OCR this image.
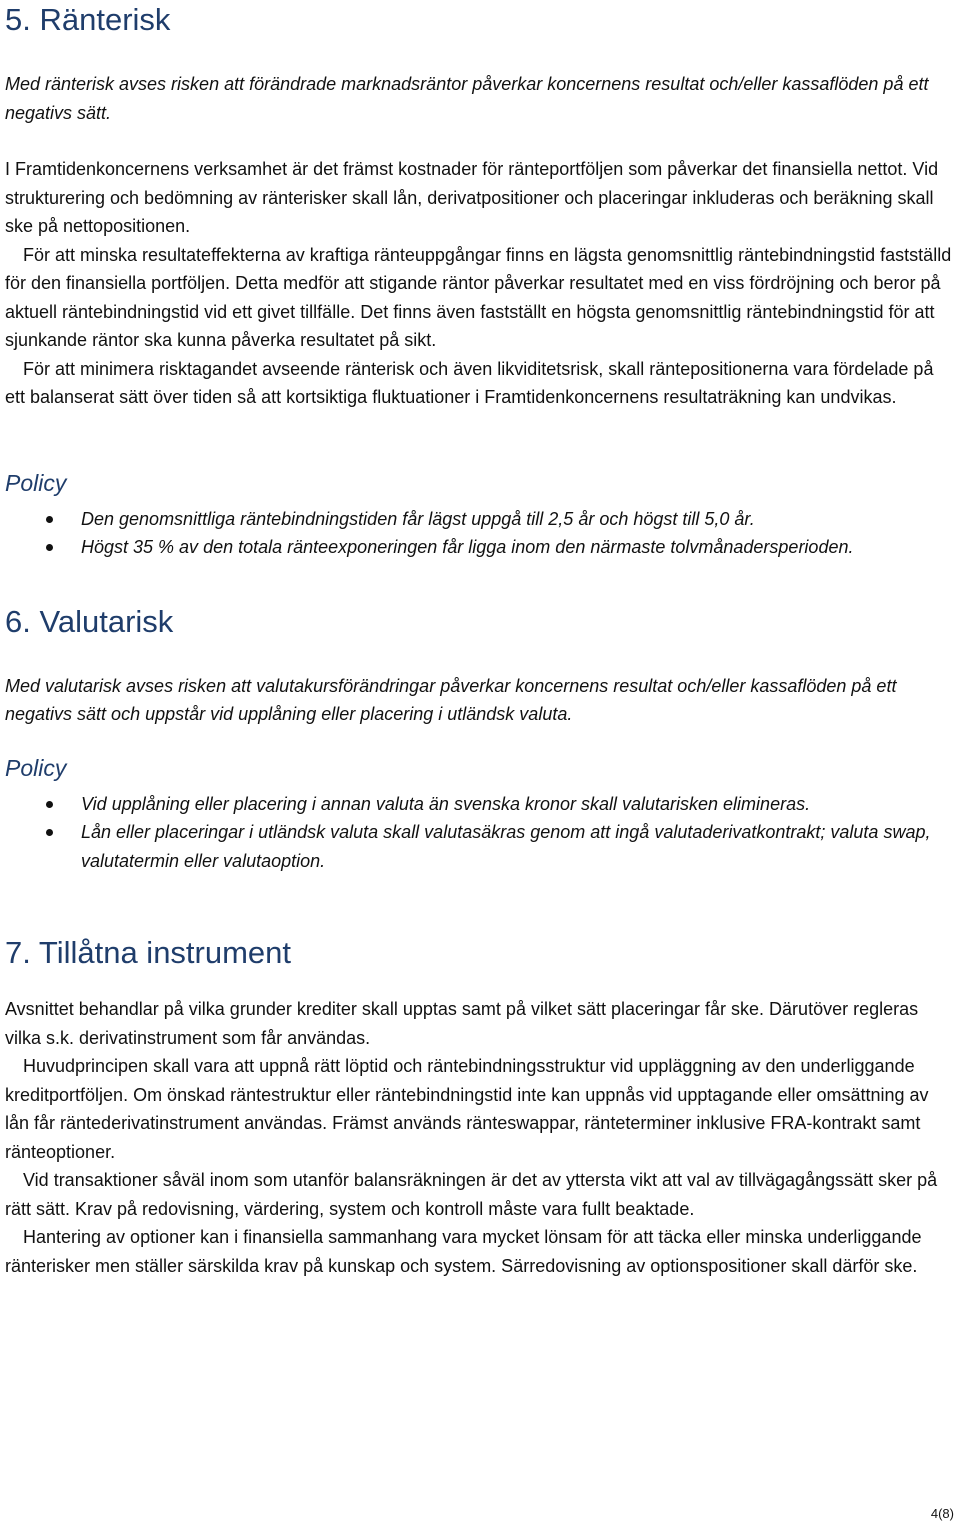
5. Ränterisk

Med ränterisk avses risken att förändrade marknadsräntor påverkar koncernens resultat och/eller kassaflöden på ett negativs sätt.

I Framtidenkoncernens verksamhet är det främst kostnader för ränteportföljen som påverkar det finansiella nettot. Vid strukturering och bedömning av ränterisker skall lån, derivatpositioner och placeringar inkluderas och beräkning skall ske på nettopositionen.

För att minska resultateffekterna av kraftiga ränteuppgångar finns en lägsta genomsnittlig räntebindningstid fastställd för den finansiella portföljen. Detta medför att stigande räntor påverkar resultatet med en viss fördröjning och beror på aktuell räntebindningstid vid ett givet tillfälle. Det finns även fastställt en högsta genomsnittlig räntebindningstid för att sjunkande räntor ska kunna påverka resultatet på sikt.

För att minimera risktagandet avseende ränterisk och även likviditetsrisk, skall räntepositionerna vara fördelade på ett balanserat sätt över tiden så att kortsiktiga fluktuationer i Framtidenkoncernens resultaträkning kan undvikas.

Policy

Den genomsnittliga räntebindningstiden får lägst uppgå till 2,5 år och högst till 5,0 år.
Högst 35 % av den totala ränteexponeringen får ligga inom den närmaste tolvmånadersperioden.
6. Valutarisk

Med valutarisk avses risken att valutakursförändringar påverkar koncernens resultat och/eller kassaflöden på ett negativs sätt och uppstår vid upplåning eller placering i utländsk valuta.

Policy

Vid upplåning eller placering i annan valuta än svenska kronor skall valutarisken elimineras.
Lån eller placeringar i utländsk valuta skall valutasäkras genom att ingå valutaderivatkontrakt; valuta swap, valutatermin eller valutaoption.
7. Tillåtna instrument

Avsnittet behandlar på vilka grunder krediter skall upptas samt på vilket sätt placeringar får ske. Därutöver regleras vilka s.k. derivatinstrument som får användas.

Huvudprincipen skall vara att uppnå rätt löptid och räntebindningsstruktur vid uppläggning av den underliggande kreditportföljen. Om önskad räntestruktur eller räntebindningstid inte kan uppnås vid upptagande eller omsättning av lån får räntederivatinstrument användas. Främst används ränteswappar, ränteterminer inklusive FRA-kontrakt samt ränteoptioner.

Vid transaktioner såväl inom som utanför balansräkningen är det av yttersta vikt att val av tillvägagångssätt sker på rätt sätt. Krav på redovisning, värdering, system och kontroll måste vara fullt beaktade.

Hantering av optioner kan i finansiella sammanhang vara mycket lönsam för att täcka eller minska underliggande ränterisker men ställer särskilda krav på kunskap och system. Särredovisning av optionspositioner skall därför ske.

4(8)
